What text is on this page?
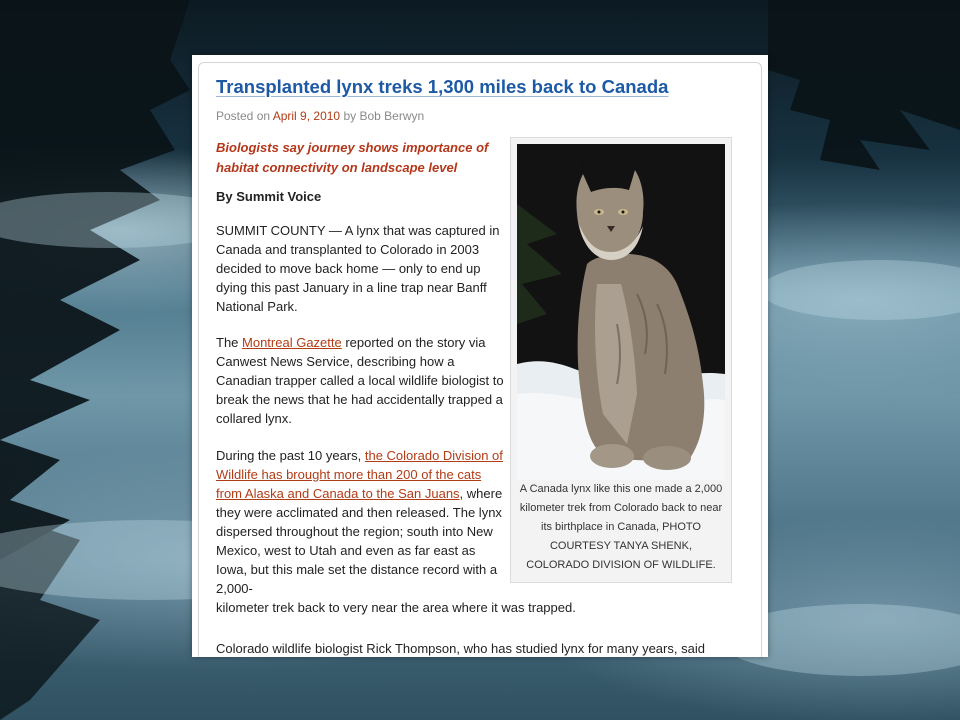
Transplanted lynx treks 1,300 miles back to Canada
Posted on April 9, 2010 by Bob Berwyn
Biologists say journey shows importance of habitat connectivity on landscape level
By Summit Voice

SUMMIT COUNTY — A lynx that was captured in Canada and transplanted to Colorado in 2003 decided to move back home — only to end up dying this past January in a line trap near Banff National Park.

The Montreal Gazette reported on the story via Canwest News Service, describing how a Canadian trapper called a local wildlife biologist to break the news that he had accidentally trapped a collared lynx.

During the past 10 years, the Colorado Division of Wildlife has brought more than 200 of the cats from Alaska and Canada to the San Juans, where they were acclimated and then released. The lynx dispersed throughout the region; south into New Mexico, west to Utah and even as far east as Iowa, but this male set the distance record with a 2,000-
kilometer trek back to very near the area where it was trapped.

Colorado wildlife biologist Rick Thompson, who has studied lynx for many years, said

A Canada lynx like this one made a 2,000 kilometer trek from Colorado back to near its birthplace in Canada, PHOTO COURTESY TANYA SHENK, COLORADO DIVISION OF WILDLIFE.
